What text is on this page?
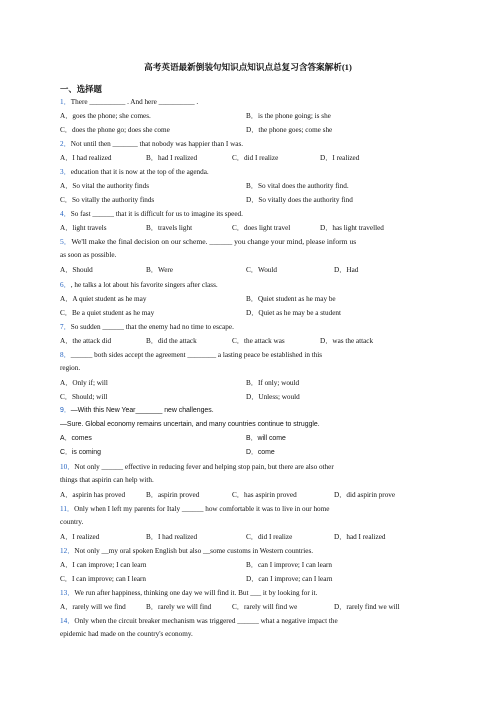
高考英语最新倒装句知识点知识点总复习含答案解析(1)
一、选择题
1．There __________ . And here __________ .
A．goes the phone; she comes.	B．is the phone going; is she
C．does the phone go; does she come	D．the phone goes; come she
2．Not until then _______ that nobody was happier than I was.
A．I had realized	B．had I realized	C．did I realize	D．I realized
3．education that it is now at the top of the agenda.
A．So vital the authority finds	B．So vital does the authority find.
C．So vitally the authority finds	D．So vitally does the authority find
4．So fast ______ that it is difficult for us to imagine its speed.
A．light travels	B．travels light	C．does light travel	D．has light travelled
5．We'll make the final decision on our scheme. ______ you change your mind, please inform us
as soon as possible.
A．Should	B．Were	C．Would	D．Had
6．, he talks a lot about his favorite singers after class.
A．A quiet student as he may	B．Quiet student as he may be
C．Be a quiet student as he may	D．Quiet as he may be a student
7．So sudden ______ that the enemy had no time to escape.
A．the attack did	B．did the attack	C．the attack was	D．was the attack
8．______ both sides accept the agreement ________ a lasting peace be established in this
region.
A．Only if; will	B．If only; would
C．Should; will	D．Unless; would
9．—With this New Year_______ new challenges.
—Sure. Global economy remains uncertain, and many countries continue to struggle.
A．comes	B．will come
C．is coming	D．come
10．Not only ______ effective in reducing fever and helping stop pain, but there are also other
things that aspirin can help with.
A．aspirin has proved	B．aspirin proved	C．has aspirin proved	D．did aspirin prove
11．Only when I left my parents for Italy ______ how comfortable it was to live in our home
country.
A．I realized	B．I had realized	C．did I realize	D．had I realized
12．Not only __my oral spoken English but also __some customs in Western countries.
A．I can improve; I can learn	B．can I improve; I can learn
C．I can improve; can I learn	D．can I improve; can I learn
13．We run after happiness, thinking one day we will find it. But ___ it by looking for it.
A．rarely will we find	B．rarely we will find	C．rarely will find we	D．rarely find we will
14．Only when the circuit breaker mechanism was triggered ______ what a negative impact the
epidemic had made on the country's economy.
